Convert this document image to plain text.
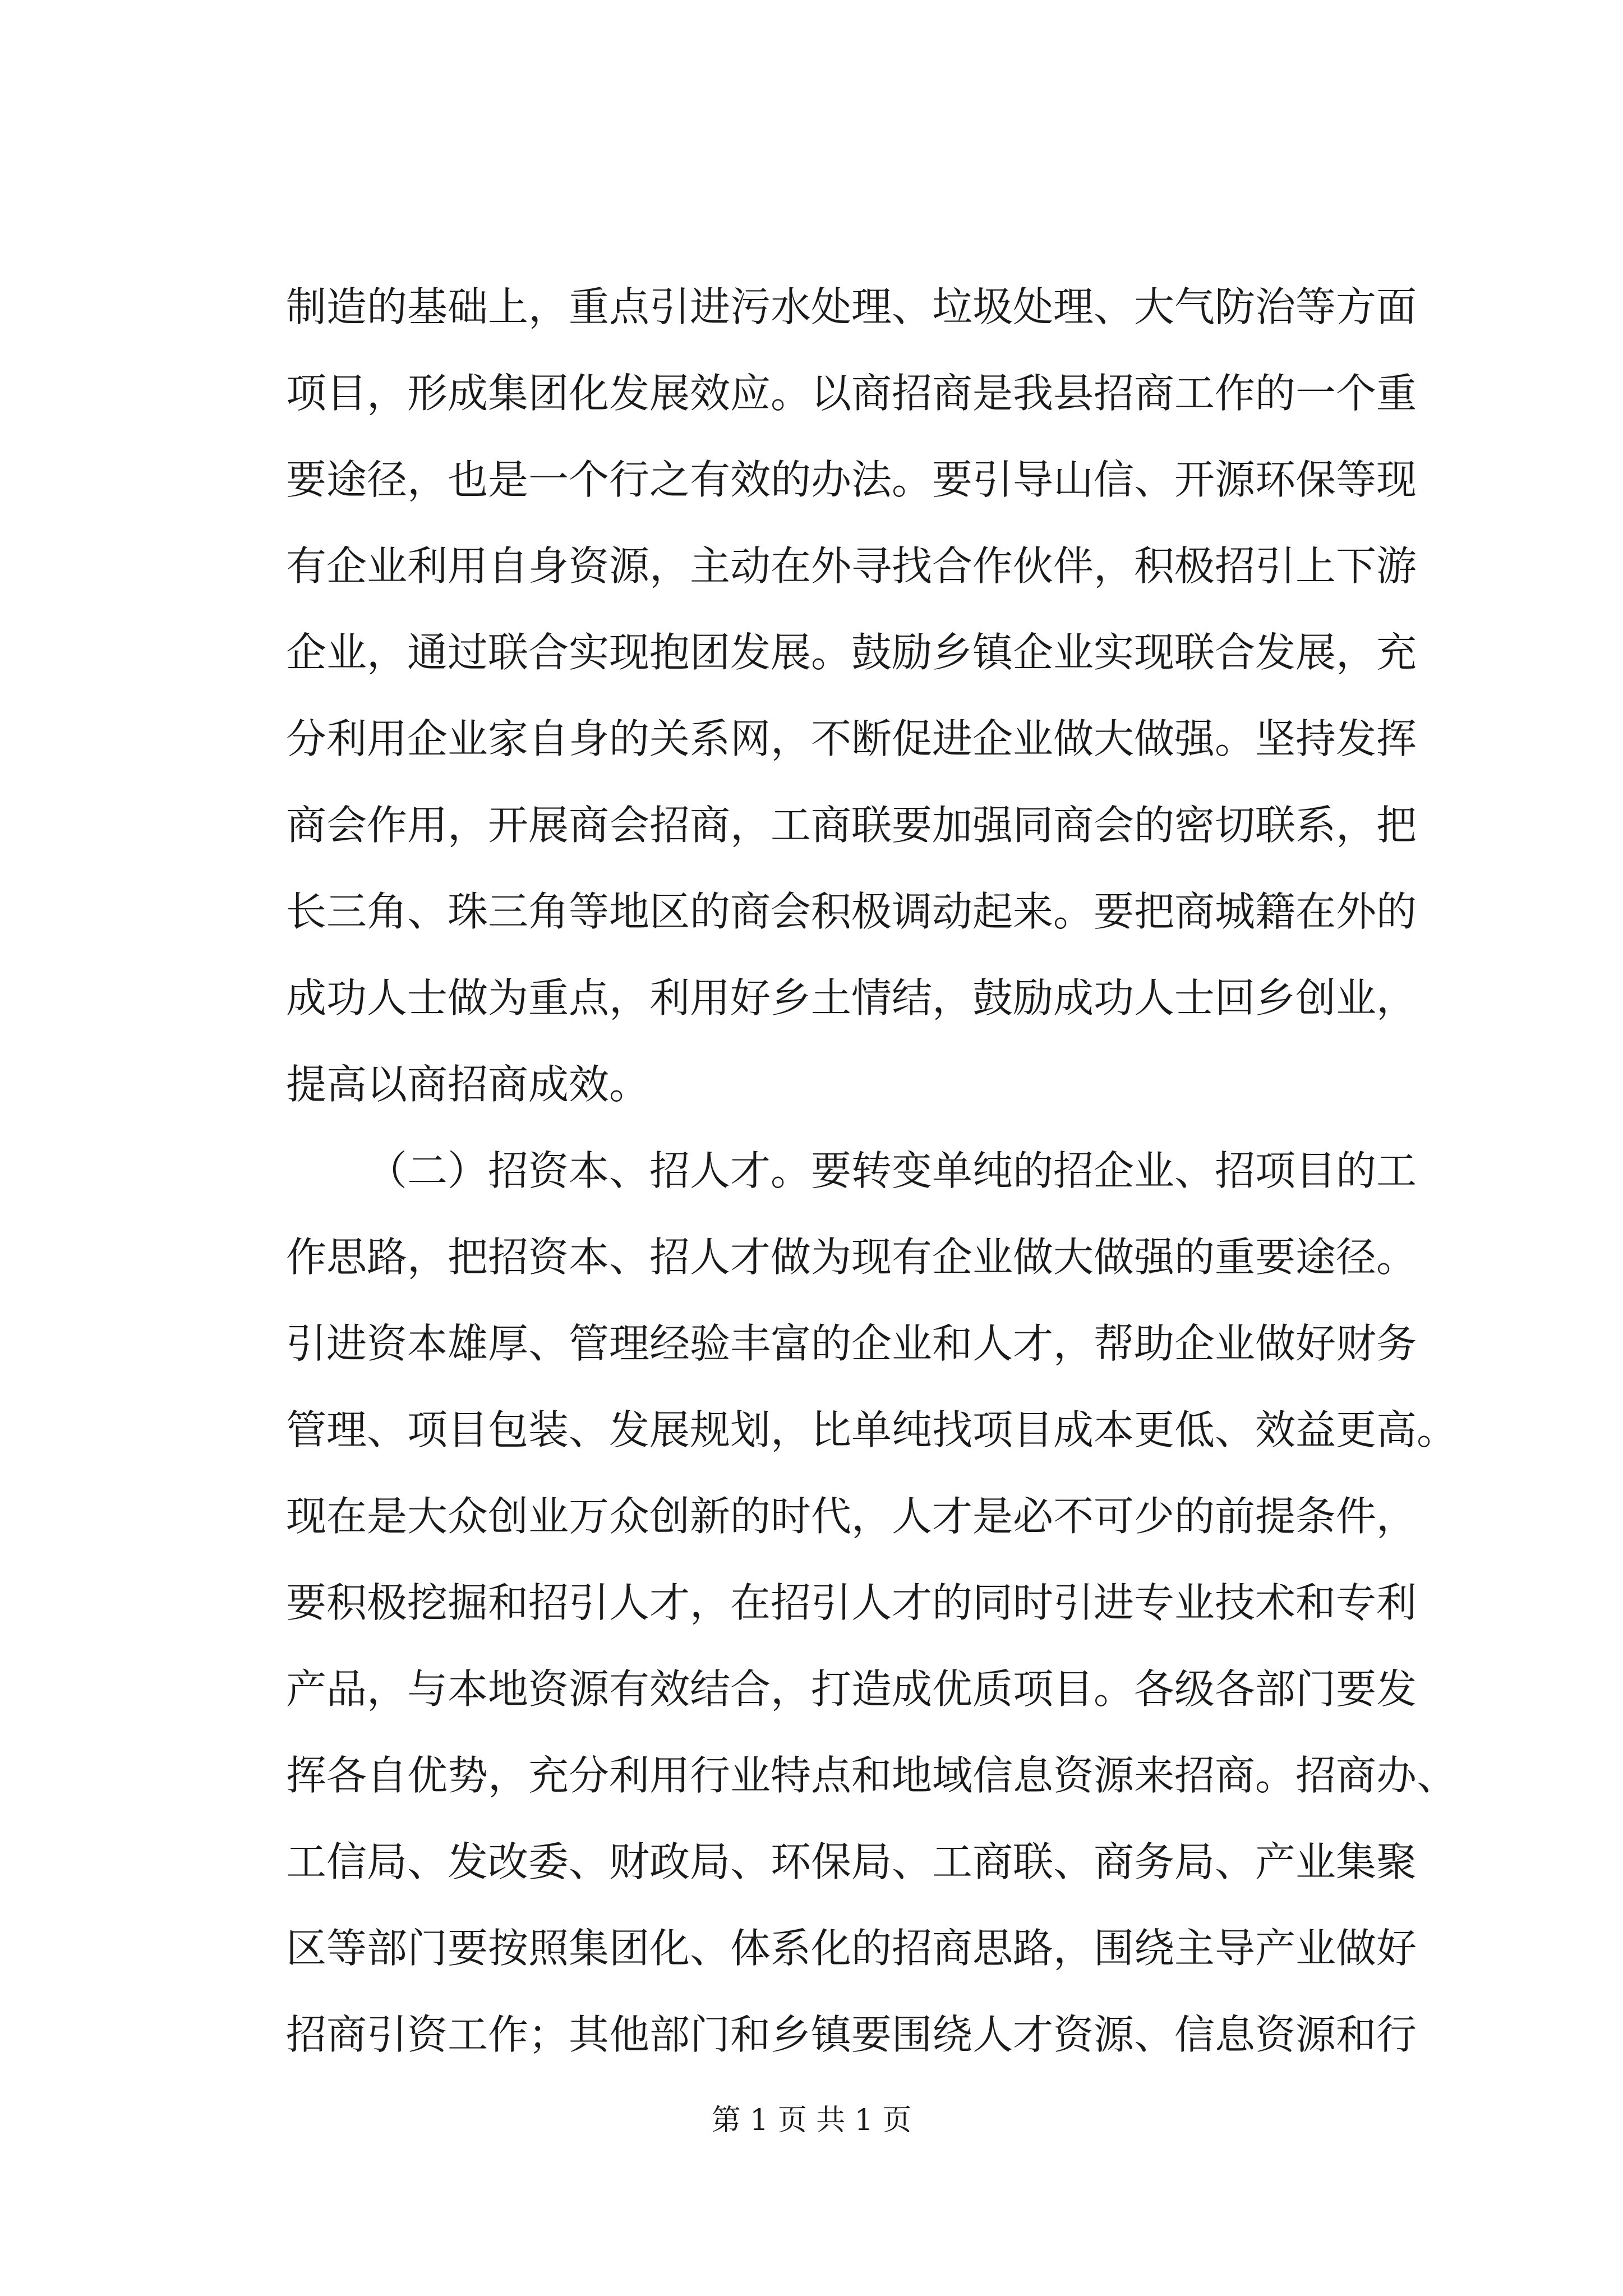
制造的基础上，重点引进污水处理、垃圾处理、大气防治等方面
项目，形成集团化发展效应。以商招商是我县招商工作的一个重
要途径，也是一个行之有效的办法。要引导山信、开源环保等现
有企业利用自身资源，主动在外寻找合作伙伴，积极招引上下游
企业，通过联合实现抱团发展。鼓励乡镇企业实现联合发展，充
分利用企业家自身的关系网，不断促进企业做大做强。坚持发挥
商会作用，开展商会招商，工商联要加强同商会的密切联系，把
长三角、珠三角等地区的商会积极调动起来。要把商城籍在外的
成功人士做为重点，利用好乡土情结，鼓励成功人士回乡创业，
提高以商招商成效。
（二）招资本、招人才。要转变单纯的招企业、招项目的工
作思路，把招资本、招人才做为现有企业做大做强的重要途径。
引进资本雄厚、管理经验丰富的企业和人才，帮助企业做好财务
管理、项目包装、发展规划，比单纯找项目成本更低、效益更高。
现在是大众创业万众创新的时代，人才是必不可少的前提条件，
要积极挖掘和招引人才，在招引人才的同时引进专业技术和专利
产品，与本地资源有效结合，打造成优质项目。各级各部门要发
挥各自优势，充分利用行业特点和地域信息资源来招商。招商办、
工信局、发改委、财政局、环保局、工商联、商务局、产业集聚
区等部门要按照集团化、体系化的招商思路，围绕主导产业做好
招商引资工作；其他部门和乡镇要围绕人才资源、信息资源和行
第 1 页 共 1 页
